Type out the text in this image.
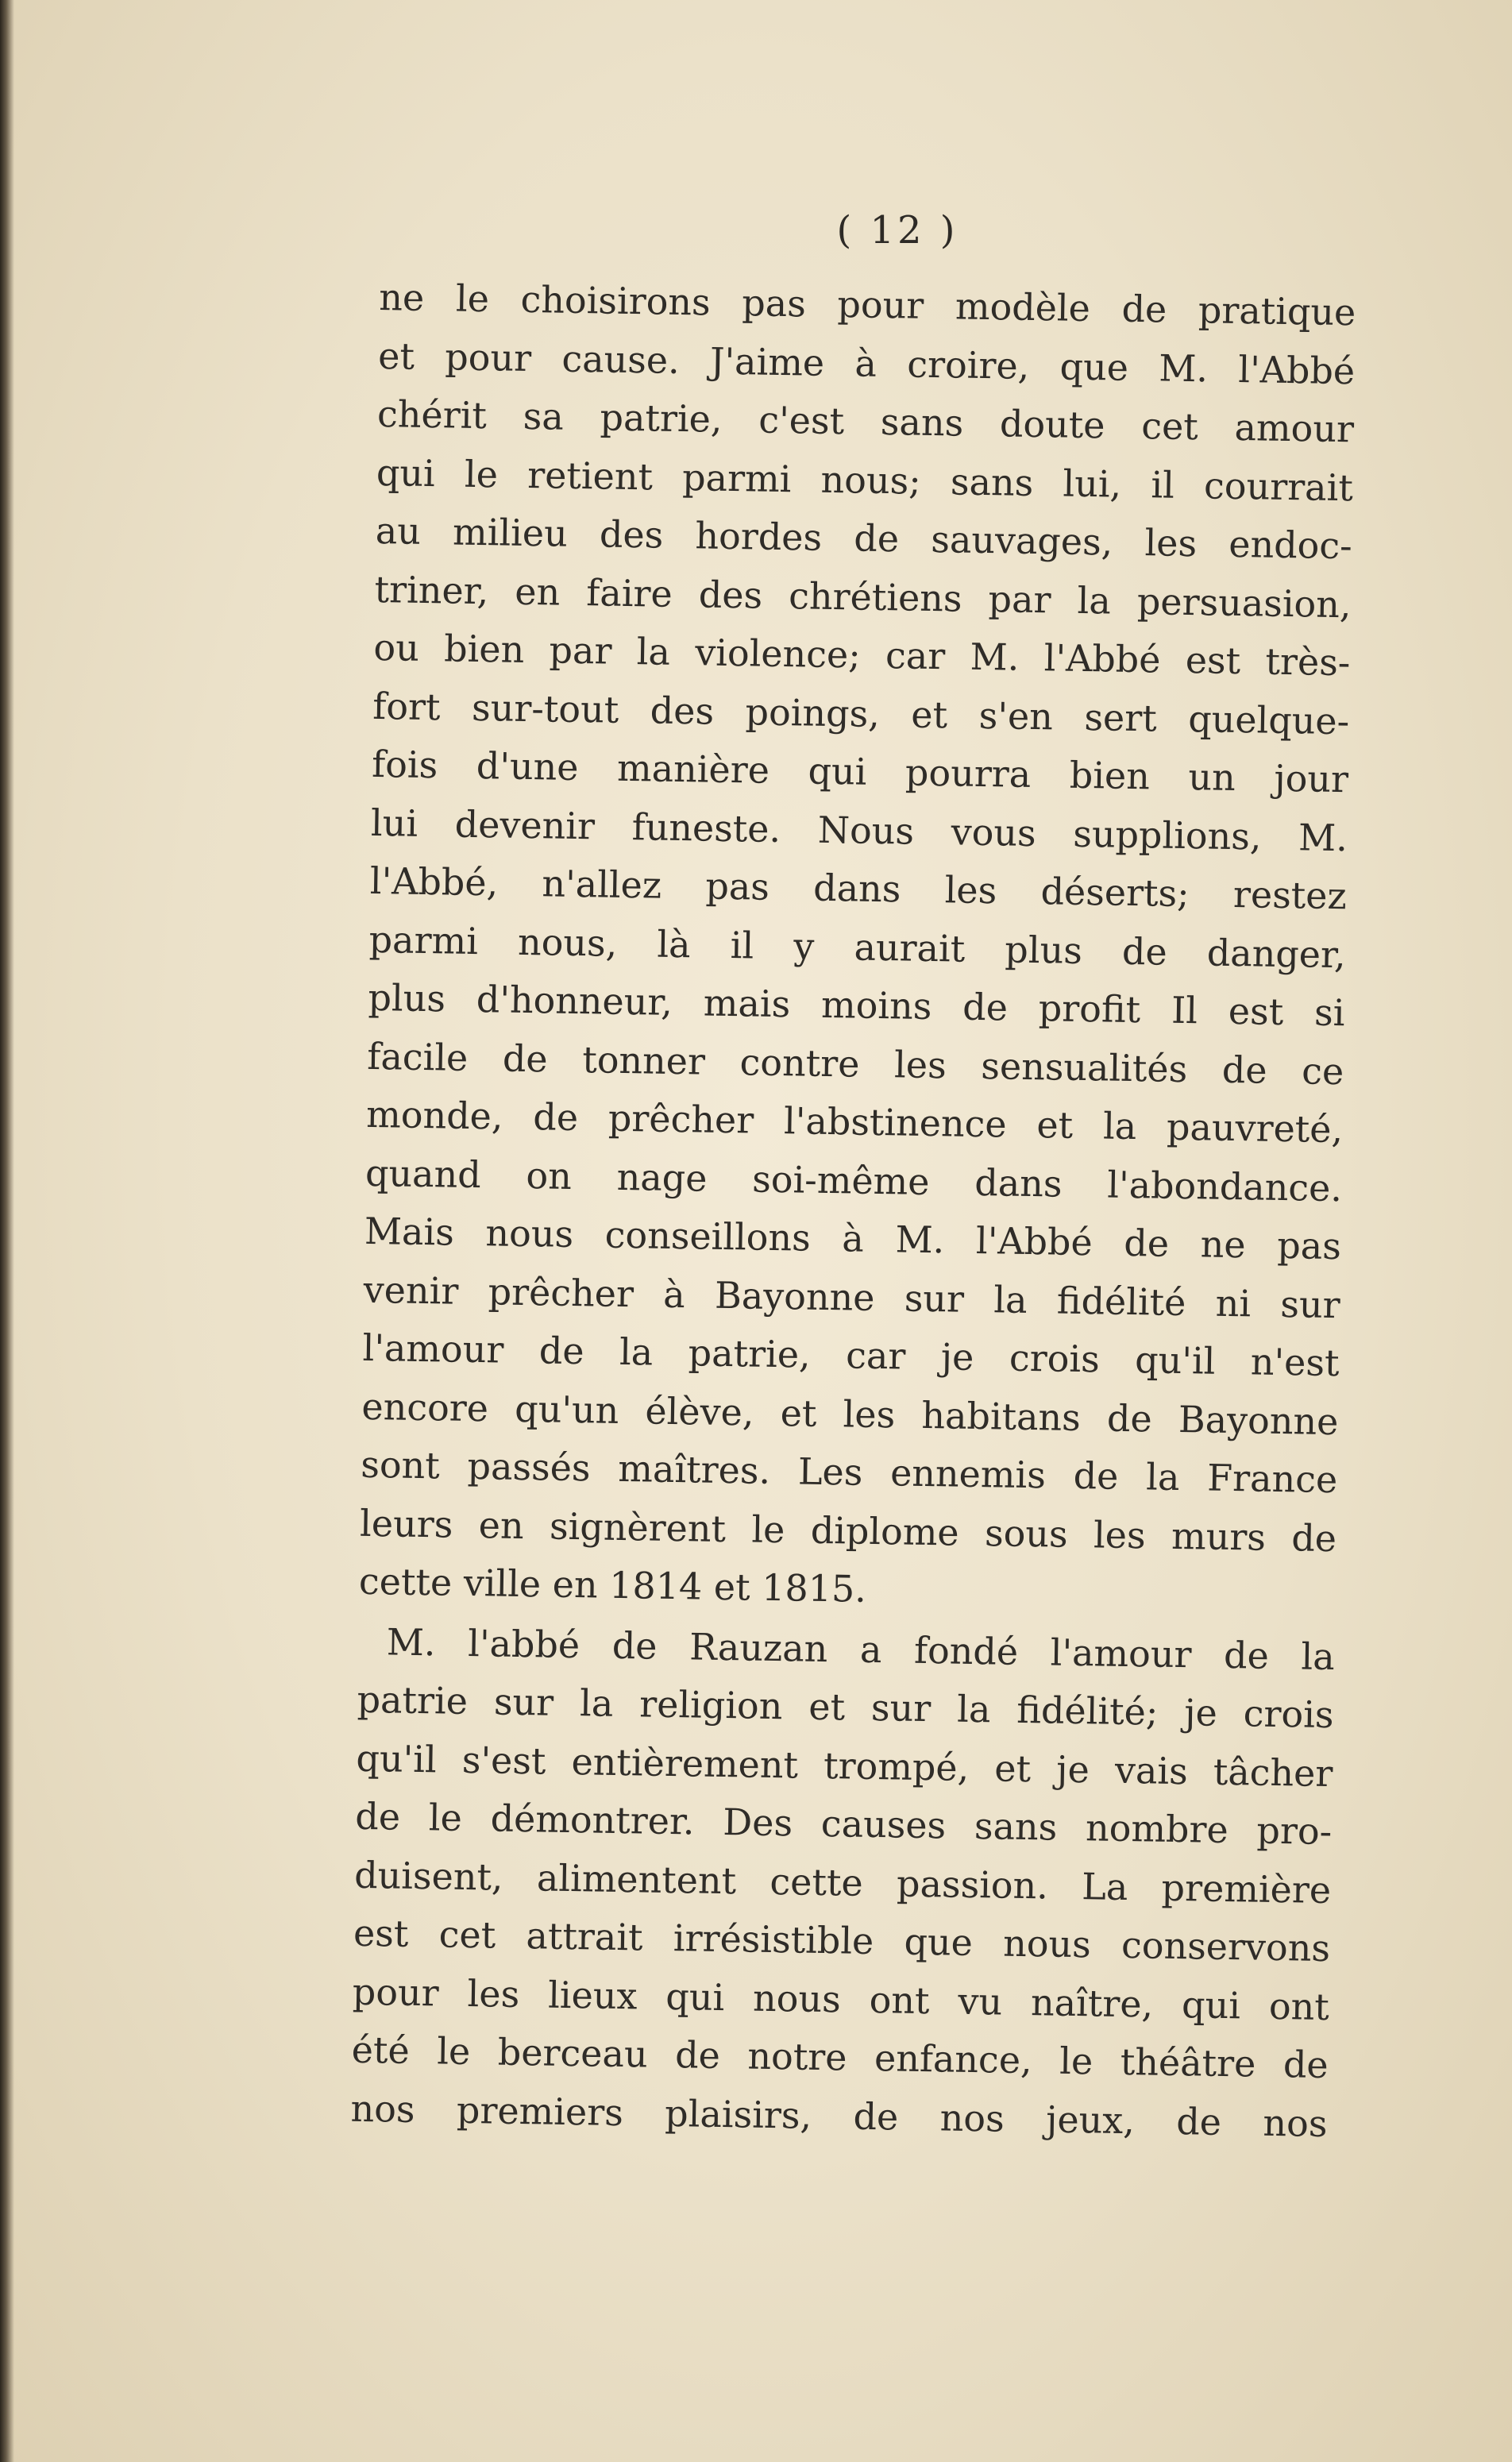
( 12 )
ne le choisirons pas pour modèle de pratique
et pour cause. J'aime à croire, que M. l'Abbé
chérit sa patrie, c'est sans doute cet amour
qui le retient parmi nous; sans lui, il courrait
au milieu des hordes de sauvages, les endoc-
triner, en faire des chrétiens par la persuasion,
ou bien par la violence; car M. l'Abbé est très-
fort sur-tout des poings, et s'en sert quelque-
fois d'une manière qui pourra bien un jour
lui devenir funeste. Nous vous supplions, M.
l'Abbé, n'allez pas dans les déserts; restez
parmi nous, là il y aurait plus de danger,
plus d'honneur, mais moins de profit Il est si
facile de tonner contre les sensualités de ce
monde, de prêcher l'abstinence et la pauvreté,
quand on nage soi-même dans l'abondance.
Mais nous conseillons à M. l'Abbé de ne pas
venir prêcher à Bayonne sur la fidélité ni sur
l'amour de la patrie, car je crois qu'il n'est
encore qu'un élève, et les habitans de Bayonne
sont passés maîtres. Les ennemis de la France
leurs en signèrent le diplome sous les murs de
cette ville en 1814 et 1815.
M. l'abbé de Rauzan a fondé l'amour de la
patrie sur la religion et sur la fidélité; je crois
qu'il s'est entièrement trompé, et je vais tâcher
de le démontrer. Des causes sans nombre pro-
duisent, alimentent cette passion. La première
est cet attrait irrésistible que nous conservons
pour les lieux qui nous ont vu naître, qui ont
été le berceau de notre enfance, le théâtre de
nos premiers plaisirs, de nos jeux, de nos
